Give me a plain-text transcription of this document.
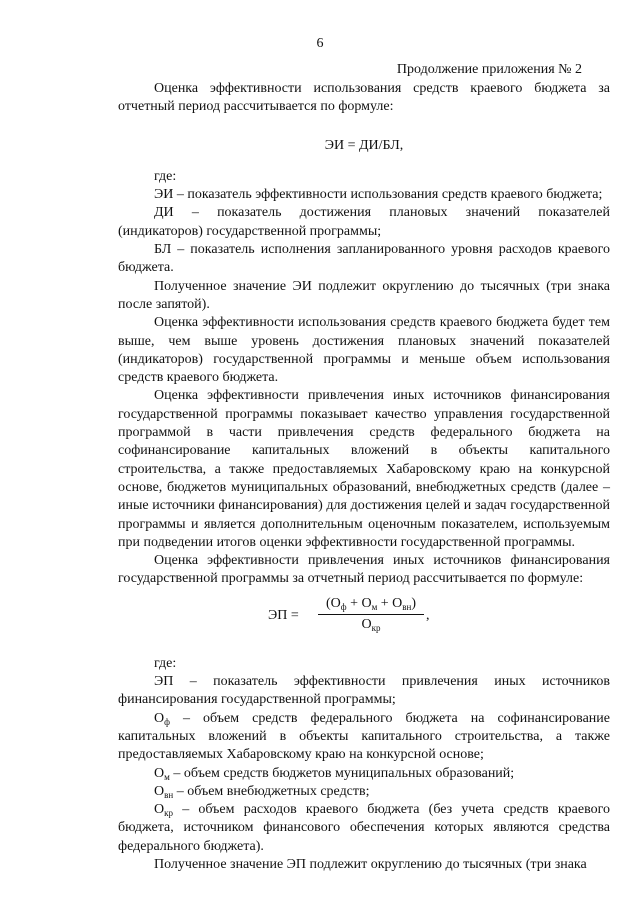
6
Продолжение приложения № 2

Оценка эффективности использования средств краевого бюджета за отчетный период рассчитывается по формуле:

ЭИ = ДИ/БЛ,

где:

ЭИ – показатель эффективности использования средств краевого бюджета;

ДИ – показатель достижения плановых значений показателей (индикаторов) государственной программы;

БЛ – показатель исполнения запланированного уровня расходов краевого бюджета.

Полученное значение ЭИ подлежит округлению до тысячных (три знака после запятой).

Оценка эффективности использования средств краевого бюджета будет тем выше, чем выше уровень достижения плановых значений показателей (индикаторов) государственной программы и меньше объем использования средств краевого бюджета.

Оценка эффективности привлечения иных источников финансирования государственной программы показывает качество управления государственной программой в части привлечения средств федерального бюджета на софинансирование капитальных вложений в объекты капитального строительства, а также предоставляемых Хабаровскому краю на конкурсной основе, бюджетов муниципальных образований, внебюджетных средств (далее – иные источники финансирования) для достижения целей и задач государственной программы и является дополнительным оценочным показателем, используемым при подведении итогов оценки эффективности государственной программы.

Оценка эффективности привлечения иных источников финансирования государственной программы за отчетный период рассчитывается по формуле:

ЭП =
$(О_ф + О_м + О_{вн})$
$О_{кр}$
,

где:

ЭП – показатель эффективности привлечения иных источников финансирования государственной программы;

$О_ф$ – объем средств федерального бюджета на софинансирование капитальных вложений в объекты капитального строительства, а также предоставляемых Хабаровскому краю на конкурсной основе;

$О_м$ – объем средств бюджетов муниципальных образований;

$О_{вн}$ – объем внебюджетных средств;

$О_{кр}$ – объем расходов краевого бюджета (без учета средств краевого бюджета, источником финансового обеспечения которых являются средства федерального бюджета).

Полученное значение ЭП подлежит округлению до тысячных (три знака
